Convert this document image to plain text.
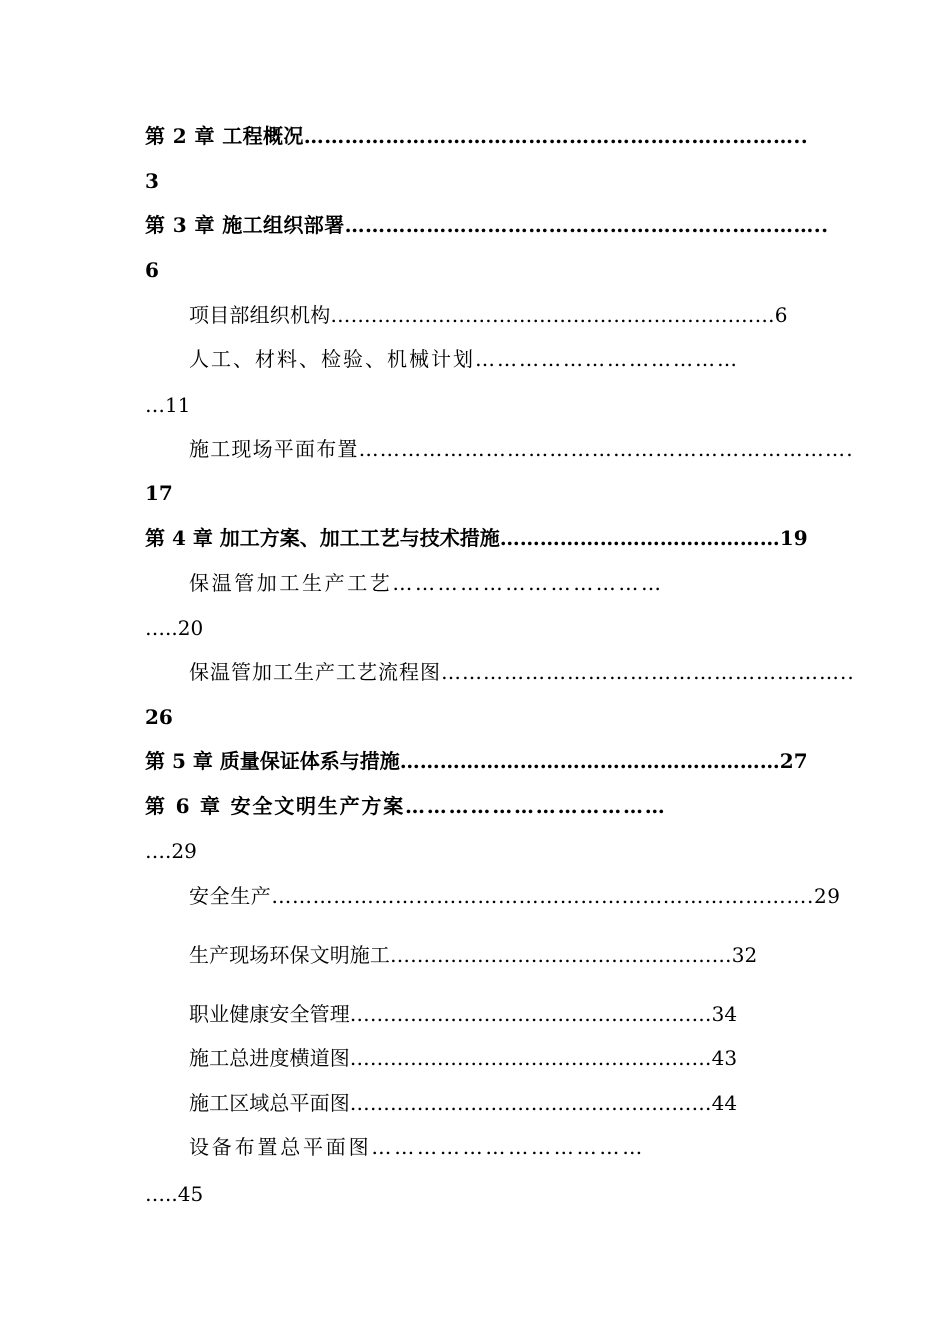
第 2 章 工程概况………………………………………………………………..
3
第 3 章 施工组织部署……………………………………………………………..
6
项目部组织机构…………………………………………………………6
人工、材料、检验、机械计划………………………………
…11
施工现场平面布置…………………………………………………………….
17
第 4 章 加工方案、加工工艺与技术措施……………………………………19
保温管加工生产工艺………………………………
…..20
保温管加工生产工艺流程图…………………………………………………..
26
第 5 章 质量保证体系与措施…………………………………………………27
第 6 章 安全文明生产方案………………………………
….29
安全生产…………………………………………………………………….29
生产现场环保文明施工……………………………………………32
职业健康安全管理………………………………………………34
施工总进度横道图………………………………………………43
施工区域总平面图………………………………………………44
设备布置总平面图………………………………
…..45
